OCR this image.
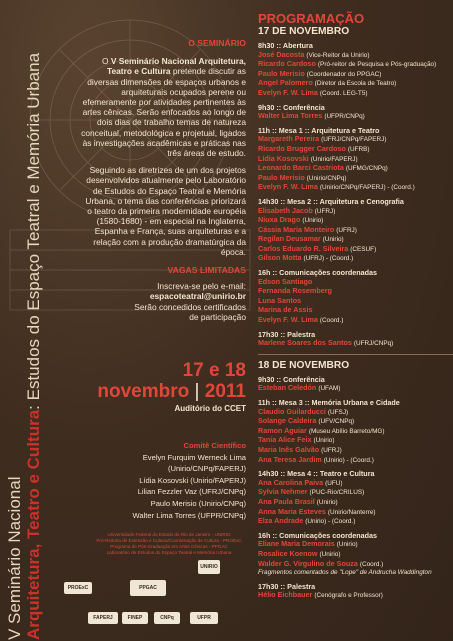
V Seminário Nacional Arquitetura, Teatro e Cultura: Estudos do Espaço Teatral e Memória Urbana
O SEMINÁRIO

O V Seminário Nacional Arquitetura, Teatro e Cultura pretende discutir as diversas dimensões de espaços urbanos e arquiteturais ocupados perene ou efemeramente por atividades pertinentes às artes cênicas. Serão enfocados ao longo de dois dias de trabalho temas de natureza conceitual, metodológica e projetual, ligados às investigações acadêmicas e práticas nas três áreas de estudo.

Seguindo as diretrizes de um dos projetos desenvolvidos atualmente pelo Laboratório de Estudos do Espaço Teatral e Memória Urbana, o tema das conferências priorizará o teatro da primeira modernidade européia (1580-1680) - em especial na Inglaterra, Espanha e França, suas arquiteturas e a relação com a produção dramatúrgica da época.

VAGAS LIMITADAS
Inscreva-se pelo e-mail:
espacoteatral@unirio.br
Serão concedidos certificados
de participação
17 e 18
novembro | 2011
Auditório do CCET
Comitê Científico
Evelyn Furquim Werneck Lima
(Unirio/CNPq/FAPERJ)
Lídia Kosovski (Unirio/FAPERJ)
Lilian Fezzler Vaz (UFRJ/CNPq)
Paulo Merisio (Unirio/CNPq)
Walter Lima Torres (UFPR/CNPq)
Universidade Federal do Estado do Rio de Janeiro - UNIRIO
Pró-Reitoria de Extensão e Cultura/Coordenação de Cultura - PROExC
Programa de Pós-Graduação em Artes Cênicas - PPGAC
Laboratório de Estudos do Espaço Teatral e Memória Urbana
UNIRIO
PROExC	PPGAC
FAPERJ	FINEP	CNPq	UFPR
PROGRAMAÇÃO
17 DE NOVEMBRO
8h30 :: Abertura
José Dacosta (Vice-Reitor da Unirio)
Ricardo Cardoso (Pró-reitor de Pesquisa e Pós-graduação)
Paulo Merisio (Coordenador do PPGAC)
Angel Palomero (Diretor da Escola de Teatro)
Evelyn F. W. Lima (Coord. LEG-T5)
9h30 :: Conferência
Walter Lima Torres (UFPR/CNPq)
11h :: Mesa 1 :: Arquitetura e Teatro
Margareth Pereira (UFRJ/CNPq/FAPERJ)
Ricardo Brugger Cardoso (UFRB)
Lídia Kosovski (Unirio/FAPERJ)
Leonardo Barci Castriota (UFMG/CNPq)
Paulo Merisio (Unirio/CNPq)
Evelyn F. W. Lima (Unirio/CNPq/FAPERJ) - (Coord.)
14h30 :: Mesa 2 :: Arquitetura e Cenografia
Elisabeth Jacob (UFRJ)
Niuxa Drago (Unirio)
Cássia Maria Monteiro (UFRJ)
Regilan Deusamar (Unirio)
Carlos Eduardo R. Silveira (CESUF)
Gilson Motta (UFRJ) - (Coord.)
16h :: Comunicações coordenadas
Edson Santiago
Fernanda Rosemberg
Luna Santos
Marina de Assis
Evelyn F. W. Lima (Coord.)
17h30 :: Palestra
Marlene Soares dos Santos (UFRJ/CNPq)
18 DE NOVEMBRO
9h30 :: Conferência
Esteban Celedón (UFAM)
11h :: Mesa 3 :: Memória Urbana e Cidade
Claudio Guilarducci (UFSJ)
Solange Caldeira (UFV/CNPq)
Ramon Aguiar (Museu Abílio Barreto/MG)
Tania Alice Feix (Unirio)
Maria Inês Galvão (UFRJ)
Ana Teresa Jardim (Unirio) - (Coord.)
14h30 :: Mesa 4 :: Teatro e Cultura
Ana Carolina Paiva (UFU)
Sylvia Nehmer (PUC-Rio/CRILUS)
Ana Paula Brasil (Unirio)
Anna Maria Esteves (Unirio/Nanterre)
Elza Andrade (Unirio) - (Coord.)
16h :: Comunicações coordenadas
Eliane Maria Demorais (Unirio)
Rosalice Koenow (Unirio)
Walder G. Virgulino de Souza (Coord.)
Fragmentos comentados de "Lope" de Andrucha Waddington
17h30 :: Palestra
Hélio Eichbauer (Cenógrafo e Professor)
